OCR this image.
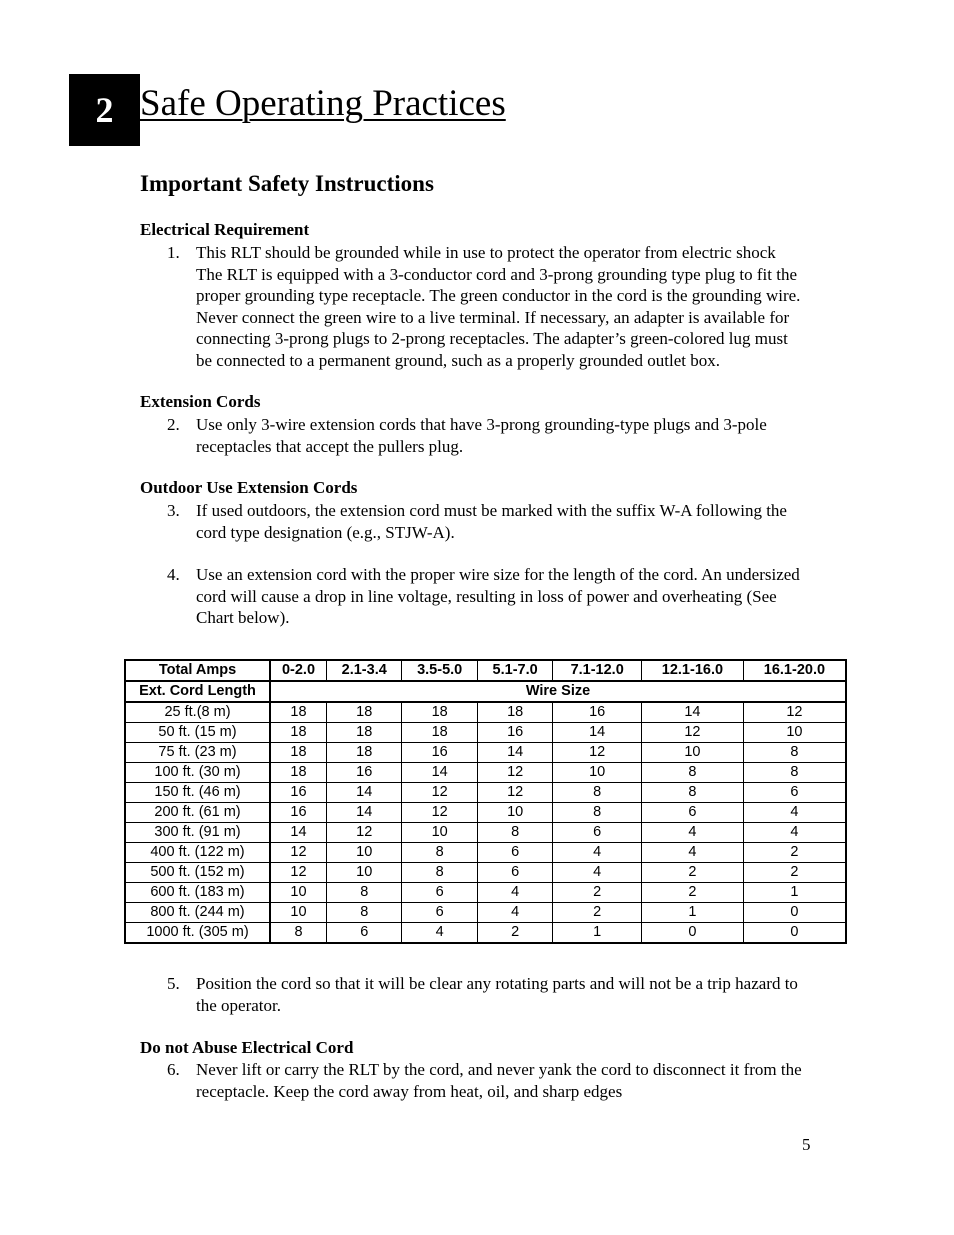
2 Safe Operating Practices
Important Safety Instructions
Electrical Requirement
1. This RLT should be grounded while in use to protect the operator from electric shock
The RLT is equipped with a 3-conductor cord and 3-prong grounding type plug to fit the
proper grounding type receptacle. The green conductor in the cord is the grounding wire.
Never connect the green wire to a live terminal. If necessary, an adapter is available for
connecting 3-prong plugs to 2-prong receptacles. The adapter’s green-colored lug must
be connected to a permanent ground, such as a properly grounded outlet box.
Extension Cords
2. Use only 3-wire extension cords that have 3-prong grounding-type plugs and 3-pole
receptacles that accept the pullers plug.
Outdoor Use Extension Cords
3. If used outdoors, the extension cord must be marked with the suffix W-A following the
cord type designation (e.g., STJW-A).
4. Use an extension cord with the proper wire size for the length of the cord. An undersized
cord will cause a drop in line voltage, resulting in loss of power and overheating (See
Chart below).
Total Amps	0-2.0	2.1-3.4	3.5-5.0	5.1-7.0	7.1-12.0	12.1-16.0	16.1-20.0
Ext. Cord Length	Wire Size						
25 ft.(8 m)	18	18	18	18	16	14	12
50 ft. (15 m)	18	18	18	16	14	12	10
75 ft. (23 m)	18	18	16	14	12	10	8
100 ft. (30 m)	18	16	14	12	10	8	8
150 ft. (46 m)	16	14	12	12	8	8	6
200 ft. (61 m)	16	14	12	10	8	6	4
300 ft. (91 m)	14	12	10	8	6	4	4
400 ft. (122 m)	12	10	8	6	4	4	2
500 ft. (152 m)	12	10	8	6	4	2	2
600 ft. (183 m)	10	8	6	4	2	2	1
800 ft. (244 m)	10	8	6	4	2	1	0
1000 ft. (305 m)	8	6	4	2	1	0	0
5. Position the cord so that it will be clear any rotating parts and will not be a trip hazard to
the operator.
Do not Abuse Electrical Cord
6. Never lift or carry the RLT by the cord, and never yank the cord to disconnect it from the
receptacle. Keep the cord away from heat, oil, and sharp edges
5
